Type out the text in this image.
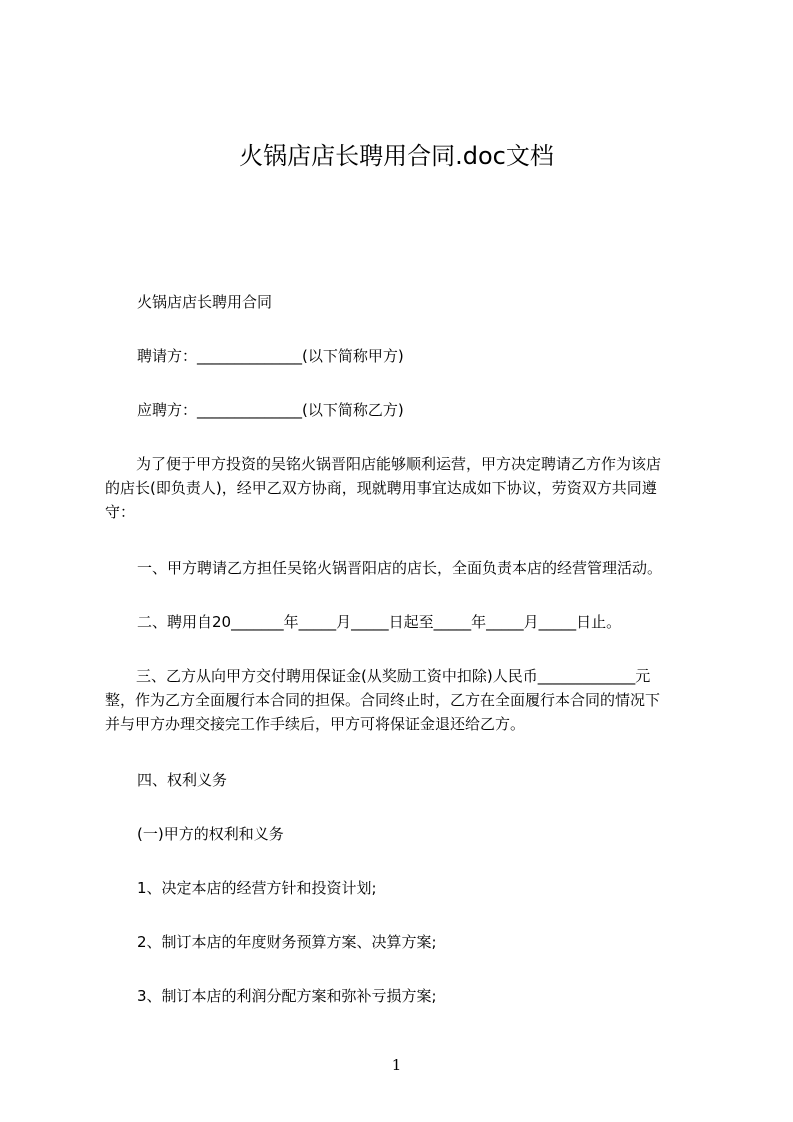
火锅店店长聘用合同.doc文档

火锅店店长聘用合同

聘请方：______________(以下简称甲方)

应聘方：______________(以下简称乙方)

　为了便于甲方投资的吴铭火锅晋阳店能够顺利运营，甲方决定聘请乙方作为该店
的店长(即负责人)，经甲乙双方协商，现就聘用事宜达成如下协议，劳资双方共同遵
守：

一、甲方聘请乙方担任吴铭火锅晋阳店的店长，全面负责本店的经营管理活动。

二、聘用自20_______年_____月_____日起至_____年_____月_____日止。

　三、乙方从向甲方交付聘用保证金(从奖励工资中扣除)人民币_____________元
整，作为乙方全面履行本合同的担保。合同终止时，乙方在全面履行本合同的情况下
并与甲方办理交接完工作手续后，甲方可将保证金退还给乙方。

四、权利义务

(一)甲方的权利和义务

1、决定本店的经营方针和投资计划;

2、制订本店的年度财务预算方案、决算方案;

3、制订本店的利润分配方案和弥补亏损方案;

1
